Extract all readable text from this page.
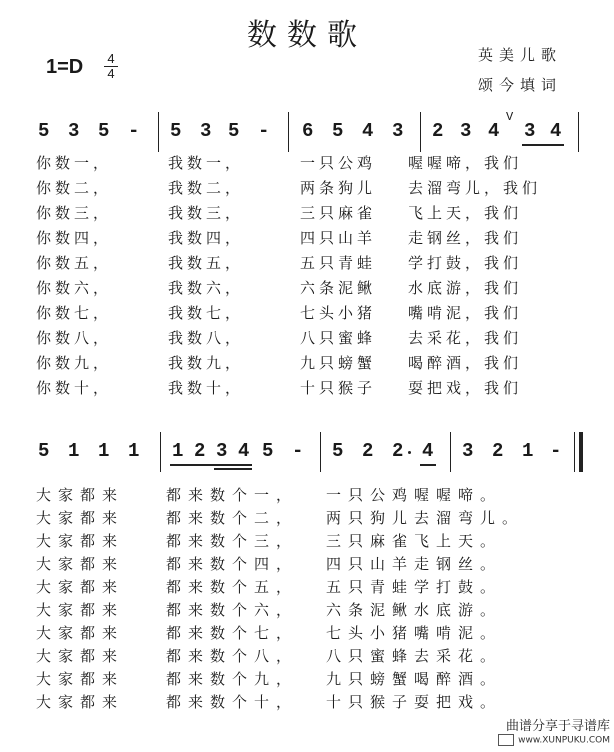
数数歌
1=D 4
4
英美儿歌
颂今填词
5 3 5 - 5 3 5 - 6 5 4 3 2 3 4
V
3 4
你数一，	我数一，	一只公鸡 喔喔啼，我们
你数二，	我数二，	两条狗儿 去溜弯儿，我们
你数三，	我数三，	三只麻雀 飞上天，我们
你数四，	我数四，	四只山羊 走钢丝，我们
你数五，	我数五，	五只青蛙 学打鼓，我们
你数六，	我数六，	六条泥鳅 水底游，我们
你数七，	我数七，	七头小猪 嘴啃泥，我们
你数八，	我数八，	八只蜜蜂 去采花，我们
你数九，	我数九，	九只螃蟹 喝醉酒，我们
你数十，	我数十，	十只猴子 耍把戏，我们
5 1 1 1 1 2 3 4 5 - 5 2 2 4 3 2 1 -
大家都来	都来数个一， 一只公鸡喔喔啼。
大家都来	都来数个二， 两只狗儿去溜弯儿。
大家都来	都来数个三， 三只麻雀飞上天。
大家都来	都来数个四， 四只山羊走钢丝。
大家都来	都来数个五， 五只青蛙学打鼓。
大家都来	都来数个六， 六条泥鳅水底游。
大家都来	都来数个七， 七头小猪嘴啃泥。
大家都来	都来数个八， 八只蜜蜂去采花。
大家都来	都来数个九， 九只螃蟹喝醉酒。
大家都来	都来数个十， 十只猴子耍把戏。
曲谱分享于寻谱库
www.XUNPUKU.COM
